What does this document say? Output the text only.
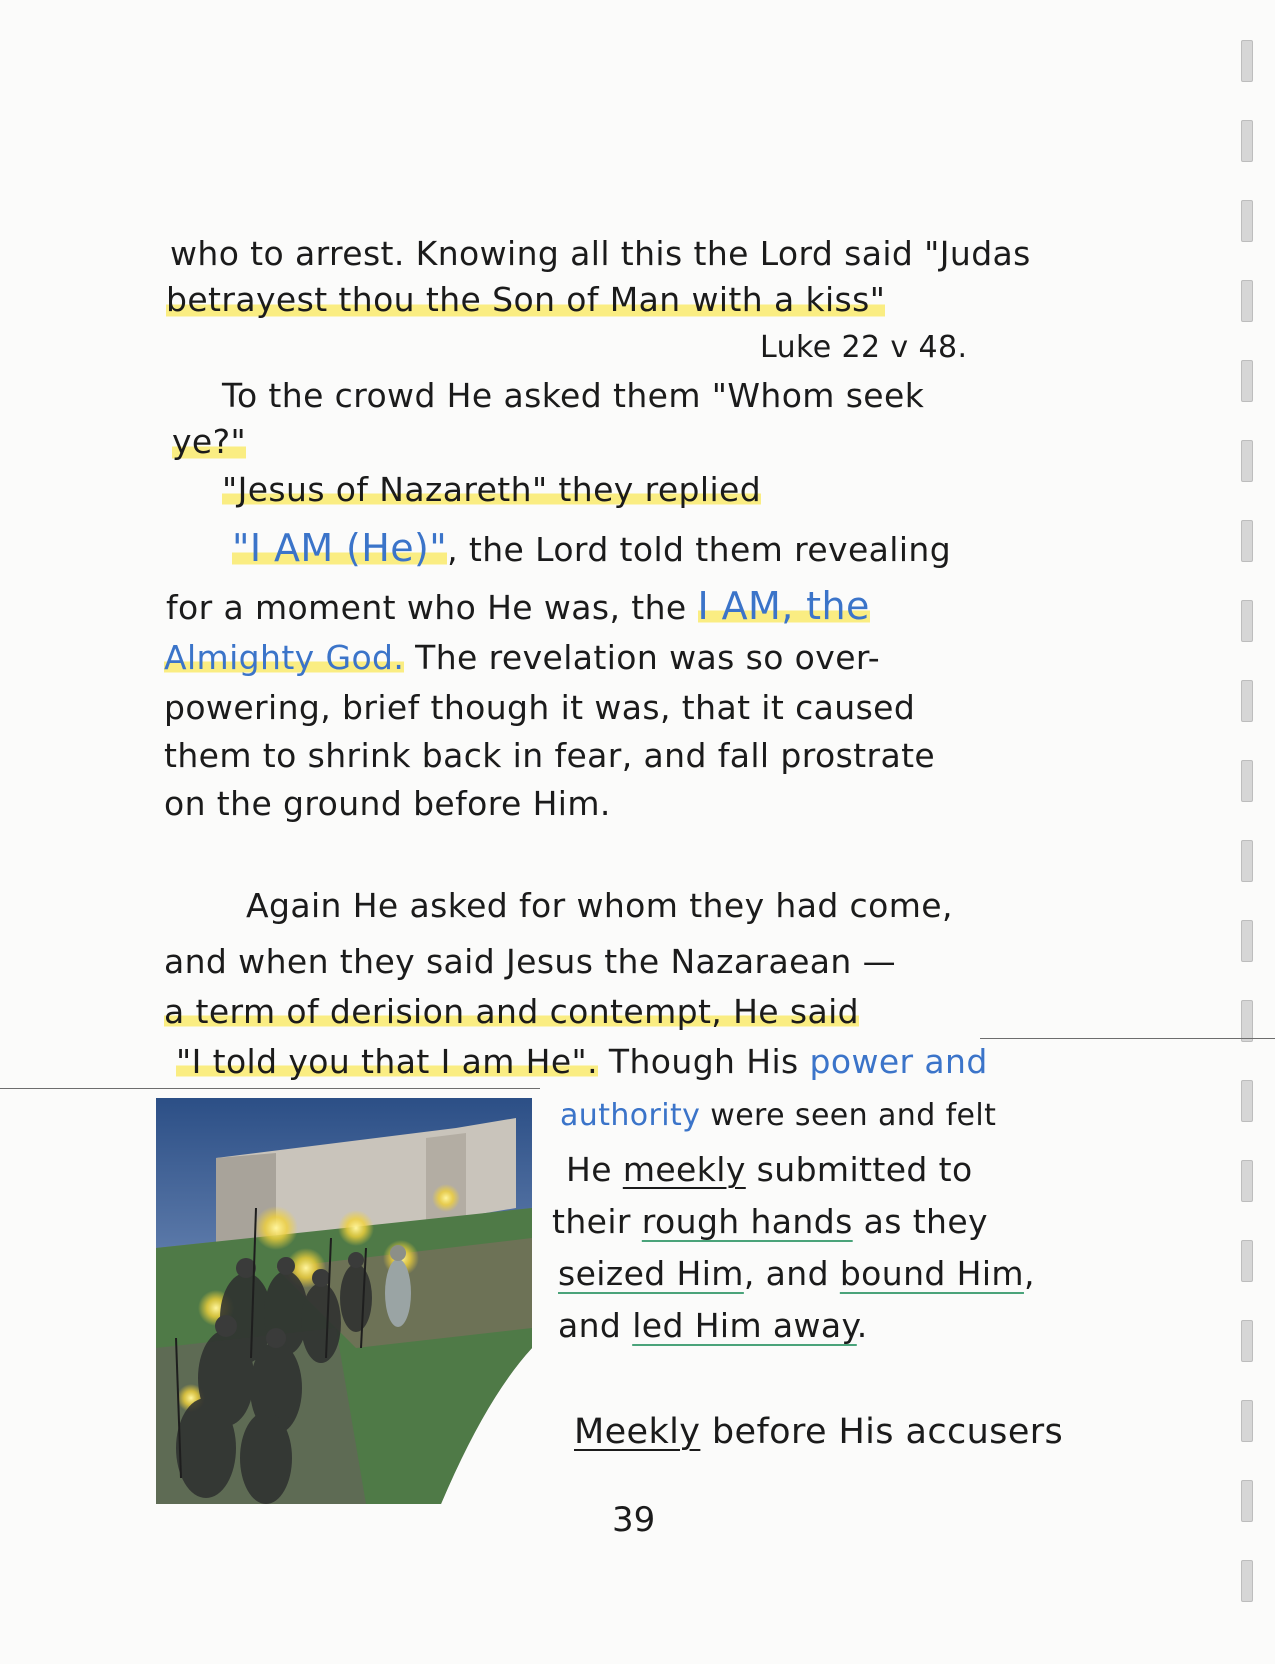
who to arrest. Knowing all this the Lord said "Judas
betrayest thou the Son of Man with a kiss"
Luke 22 v 48.
To the crowd He asked them "Whom seek
ye?"
"Jesus of Nazareth" they replied
"I AM (He)", the Lord told them revealing
for a moment who He was, the I AM, the
Almighty God. The revelation was so over-
powering, brief though it was, that it caused
them to shrink back in fear, and fall prostrate
on the ground before Him.
Again He asked for whom they had come,
and when they said Jesus the Nazaraean —
a term of derision and contempt, He said
"I told you that I am He". Though His power and
authority were seen and felt
He meekly submitted to
their rough hands as they
seized Him, and bound Him,
and led Him away.
Meekly before His accusers
39
